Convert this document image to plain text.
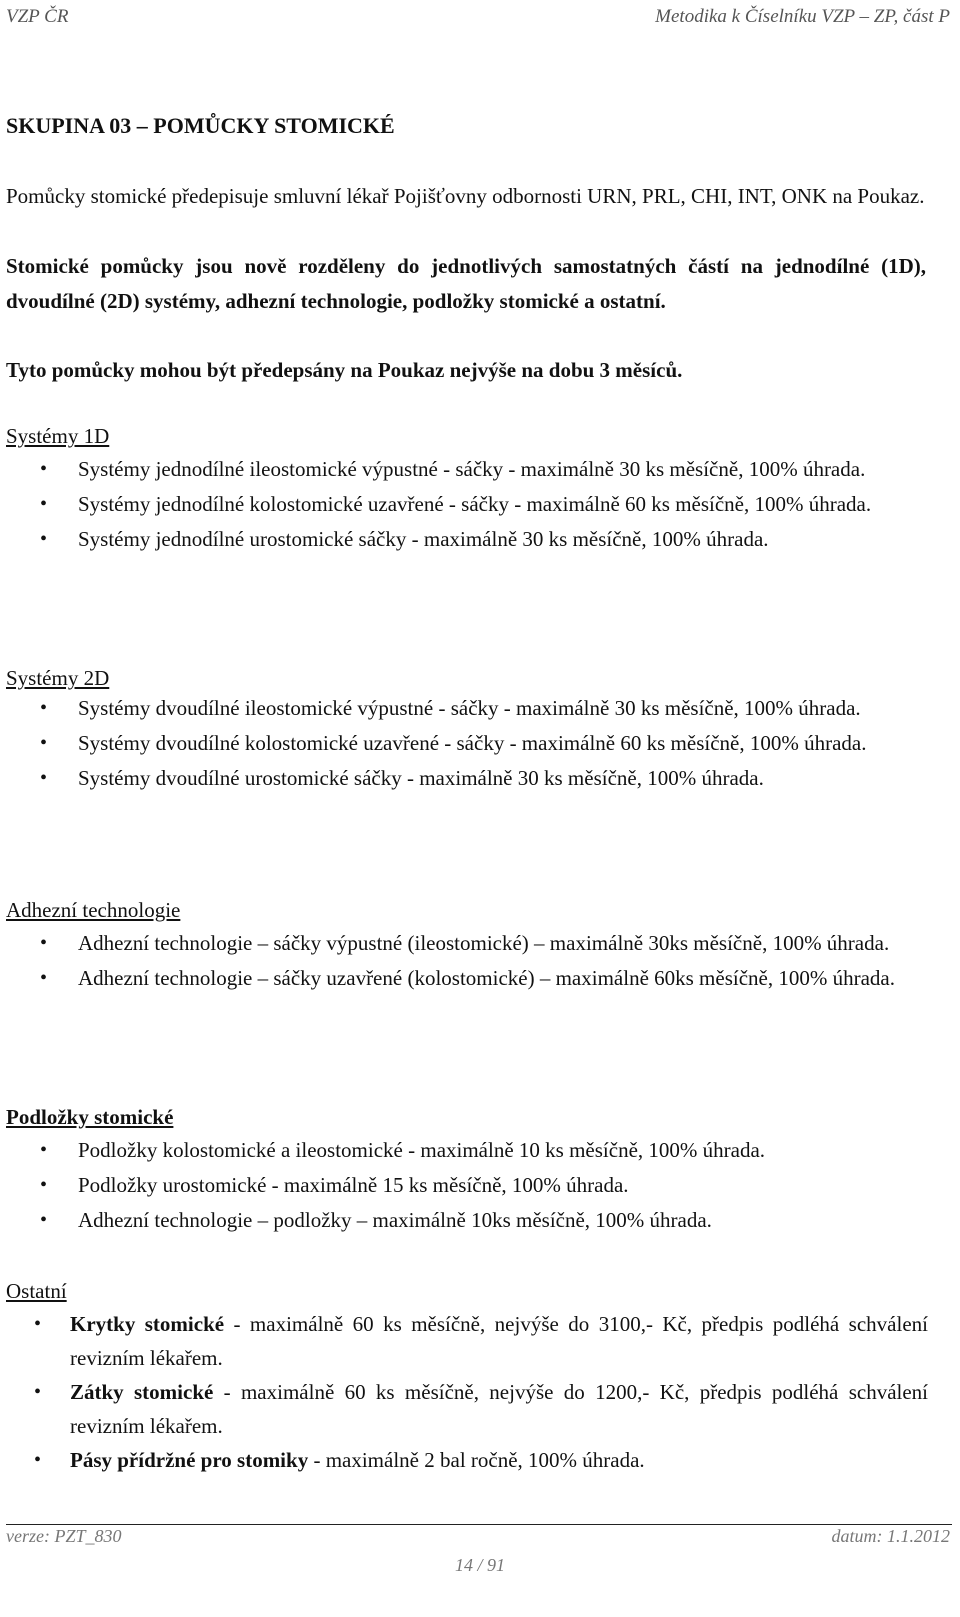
VZP ČR	Metodika k Číselníku VZP – ZP, část P
SKUPINA 03 – POMŮCKY STOMICKÉ
Pomůcky stomické předepisuje smluvní lékař Pojišťovny odbornosti URN, PRL, CHI, INT, ONK na Poukaz.
Stomické pomůcky jsou nově rozděleny do jednotlivých samostatných částí na jednodílné (1D), dvoudílné (2D) systémy, adhezní technologie, podložky stomické a ostatní.
Tyto pomůcky mohou být předepsány na Poukaz nejvýše na dobu 3 měsíců.
Systémy 1D
• Systémy jednodílné ileostomické výpustné - sáčky - maximálně 30 ks měsíčně, 100% úhrada.
• Systémy jednodílné kolostomické uzavřené - sáčky - maximálně 60 ks měsíčně, 100% úhrada.
• Systémy jednodílné urostomické sáčky - maximálně 30 ks měsíčně, 100% úhrada.
Systémy 2D
• Systémy dvoudílné ileostomické výpustné - sáčky - maximálně 30 ks měsíčně, 100% úhrada.
• Systémy dvoudílné kolostomické uzavřené - sáčky - maximálně 60 ks měsíčně, 100% úhrada.
• Systémy dvoudílné urostomické sáčky - maximálně 30 ks měsíčně, 100% úhrada.
Adhezní technologie
• Adhezní technologie – sáčky výpustné (ileostomické) – maximálně 30ks měsíčně, 100% úhrada.
• Adhezní technologie – sáčky uzavřené (kolostomické) – maximálně 60ks měsíčně, 100% úhrada.
Podložky stomické
• Podložky kolostomické a ileostomické - maximálně 10 ks měsíčně, 100% úhrada.
• Podložky urostomické - maximálně 15 ks měsíčně, 100% úhrada.
• Adhezní technologie – podložky – maximálně 10ks měsíčně, 100% úhrada.
Ostatní
• Krytky stomické - maximálně 60 ks měsíčně, nejvýše do 3100,- Kč, předpis podléhá schválení revizním lékařem.
• Zátky stomické - maximálně 60 ks měsíčně, nejvýše do 1200,- Kč, předpis podléhá schválení revizním lékařem.
• Pásy přídržné pro stomiky - maximálně 2 bal ročně, 100% úhrada.
verze: PZT_830	datum: 1.1.2012
14 / 91
